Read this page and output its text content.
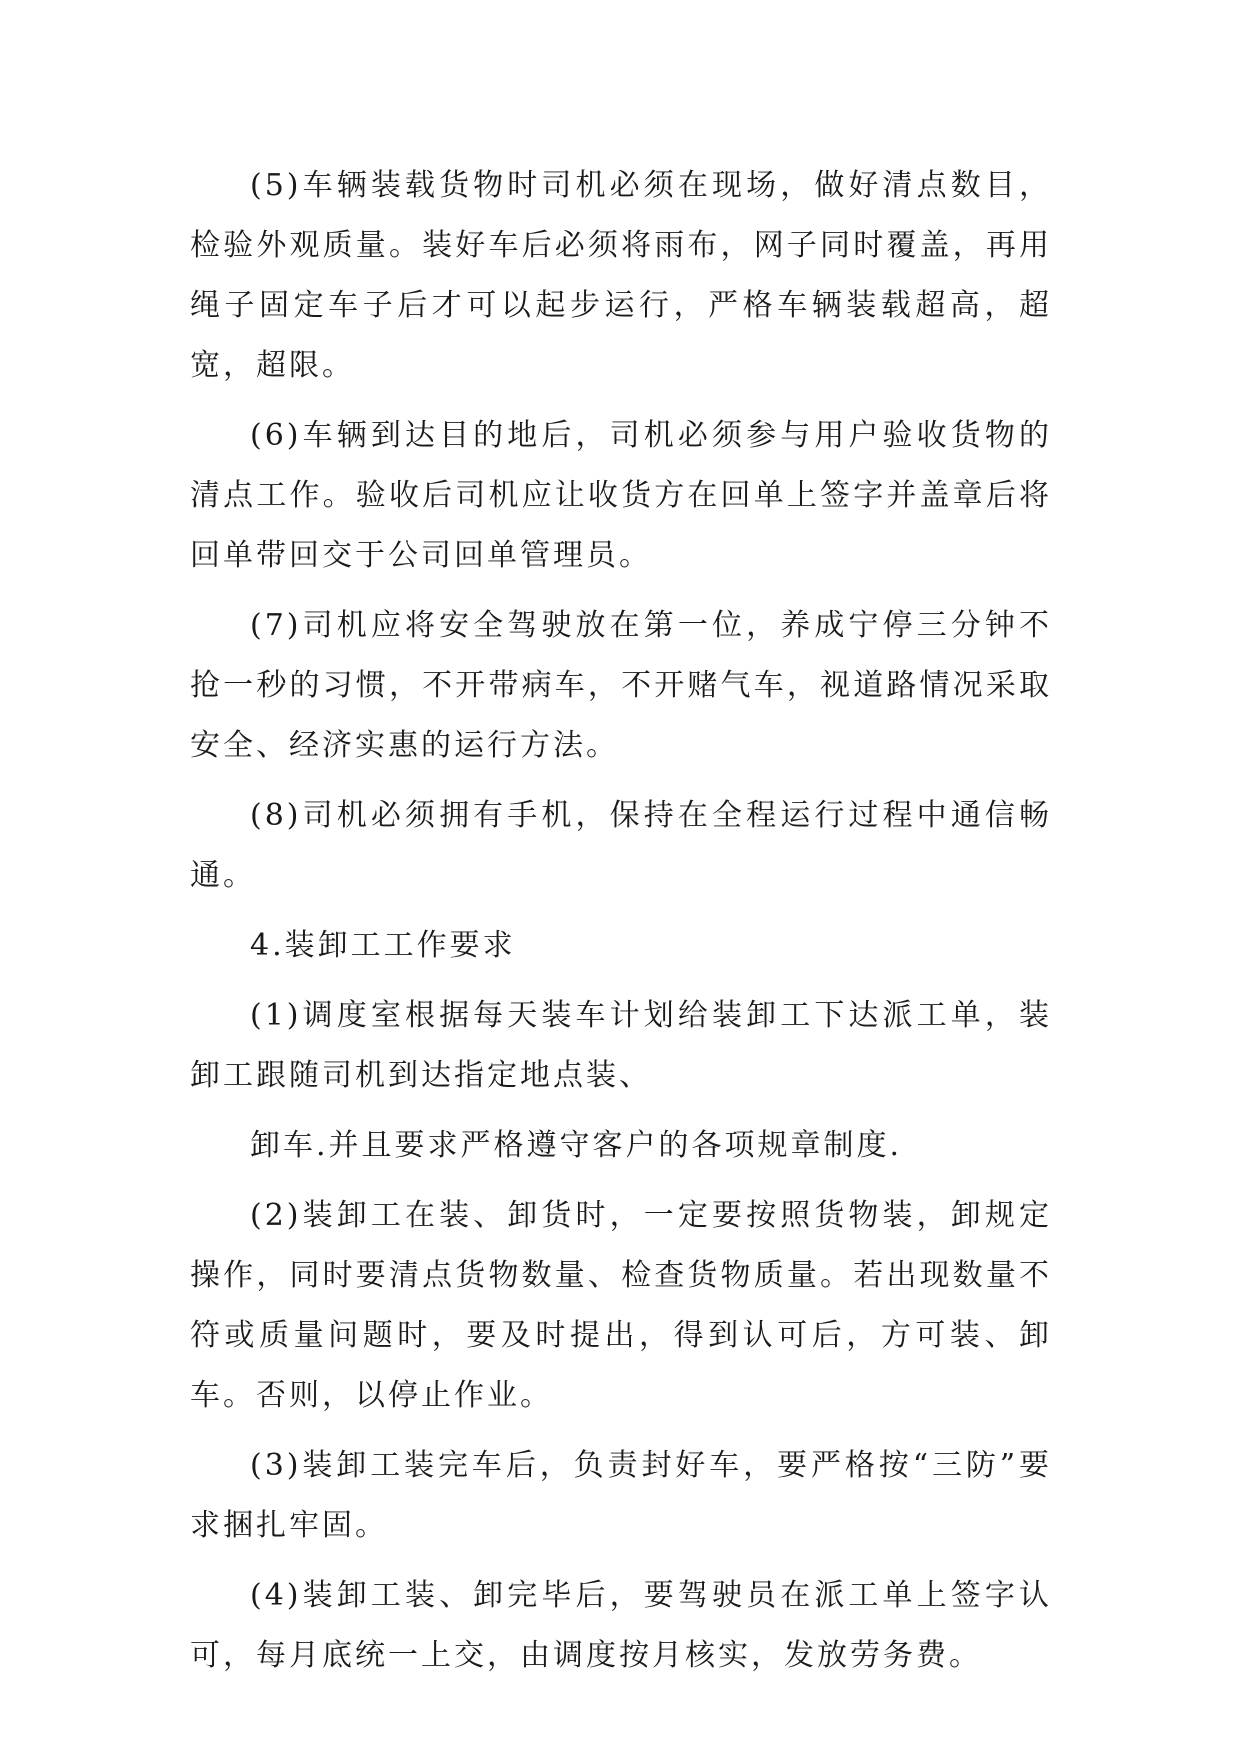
(5)车辆装载货物时司机必须在现场，做好清点数目，检验外观质量。装好车后必须将雨布，网子同时覆盖，再用绳子固定车子后才可以起步运行，严格车辆装载超高，超宽，超限。

(6)车辆到达目的地后，司机必须参与用户验收货物的清点工作。验收后司机应让收货方在回单上签字并盖章后将回单带回交于公司回单管理员。

(7)司机应将安全驾驶放在第一位，养成宁停三分钟不抢一秒的习惯，不开带病车，不开赌气车，视道路情况采取安全、经济实惠的运行方法。

(8)司机必须拥有手机，保持在全程运行过程中通信畅通。

4.装卸工工作要求

(1)调度室根据每天装车计划给装卸工下达派工单，装卸工跟随司机到达指定地点装、

卸车.并且要求严格遵守客户的各项规章制度.

(2)装卸工在装、卸货时，一定要按照货物装，卸规定操作，同时要清点货物数量、检查货物质量。若出现数量不符或质量问题时，要及时提出，得到认可后，方可装、卸车。否则，以停止作业。

(3)装卸工装完车后，负责封好车，要严格按“三防”要求捆扎牢固。

(4)装卸工装、卸完毕后，要驾驶员在派工单上签字认可，每月底统一上交，由调度按月核实，发放劳务费。
